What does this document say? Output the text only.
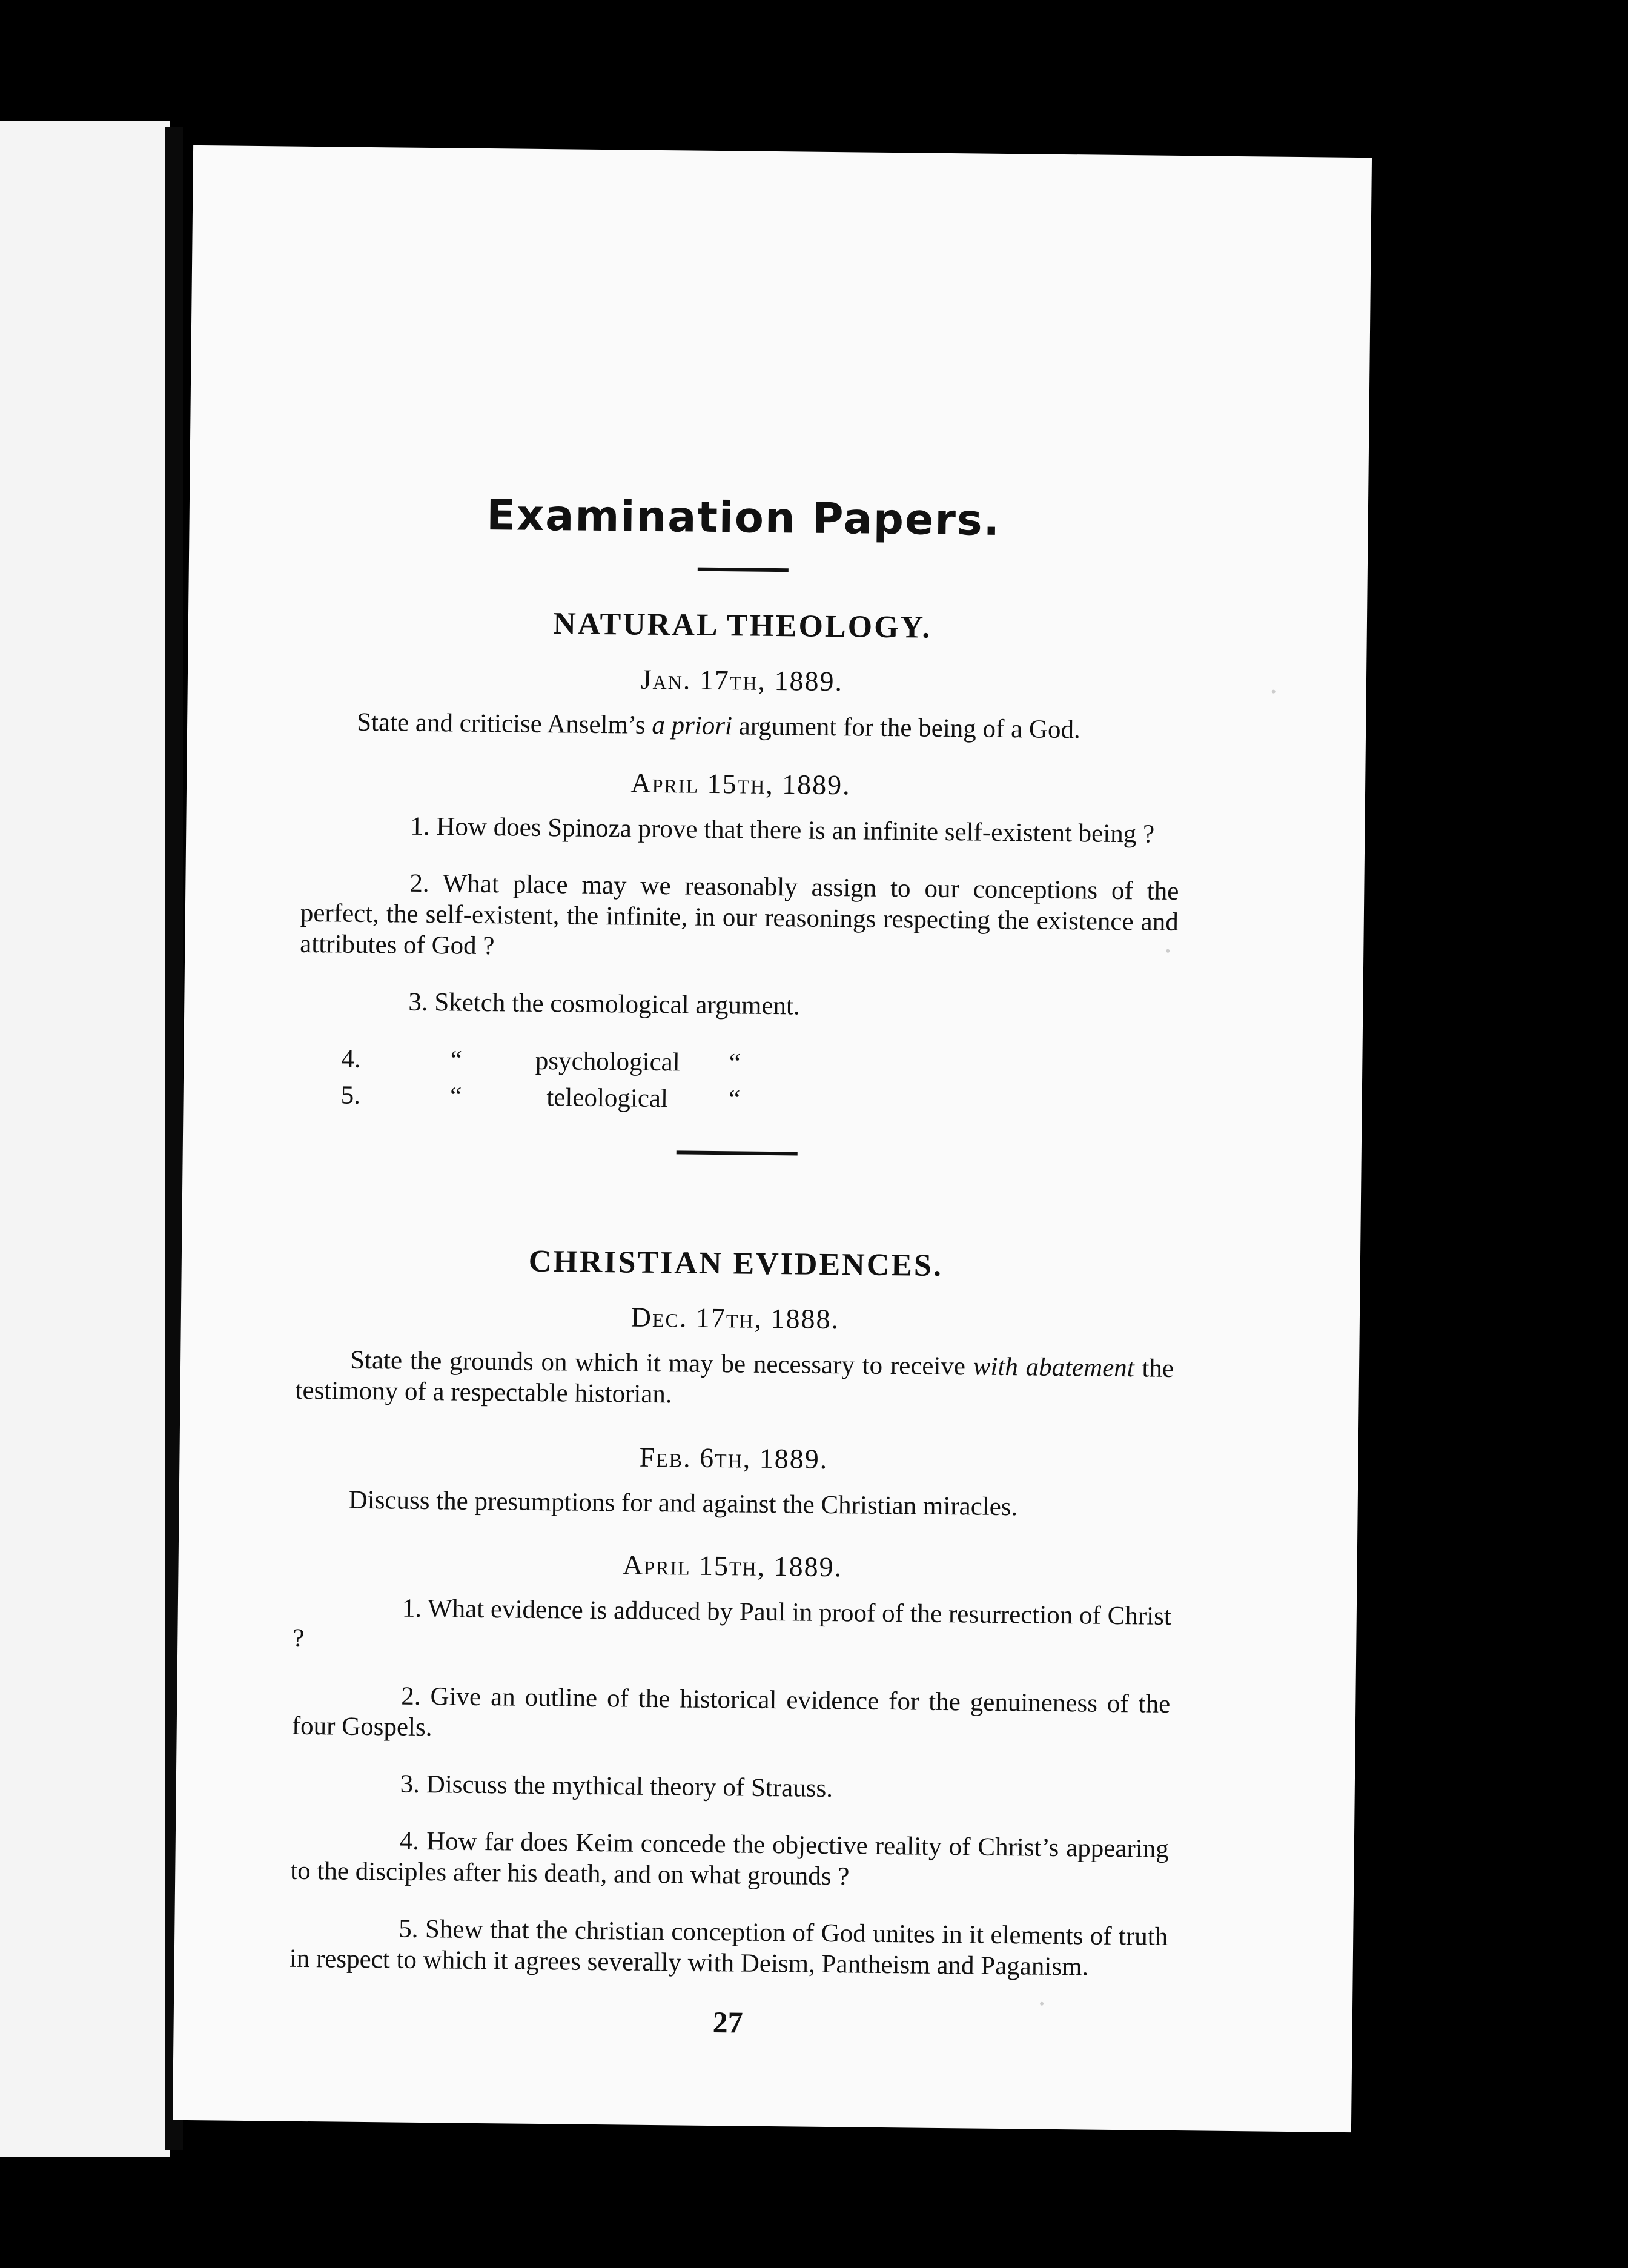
Examination Papers.
NATURAL THEOLOGY.
Jan. 17th, 1889.

State and criticise Anselm’s a priori argument for the being of a God.

April 15th, 1889.

1. How does Spinoza prove that there is an infinite self-existent being ?

2. What place may we reasonably assign to our conceptions of the perfect, the self-existent, the infinite, in our reasonings respecting the existence and attributes of God ?

3. Sketch the cosmological argument.

4.	“	psychological	“
5.	“	teleological	“
CHRISTIAN EVIDENCES.
Dec. 17th, 1888.

State the grounds on which it may be necessary to receive with abatement the testimony of a respectable historian.

Feb. 6th, 1889.

Discuss the presumptions for and against the Christian miracles.

April 15th, 1889.

1. What evidence is adduced by Paul in proof of the resurrection of Christ ?

2. Give an outline of the historical evidence for the genuineness of the four Gospels.

3. Discuss the mythical theory of Strauss.

4. How far does Keim concede the objective reality of Christ’s appearing to the disciples after his death, and on what grounds ?

5. Shew that the christian conception of God unites in it elements of truth in respect to which it agrees severally with Deism, Pantheism and Paganism.

27
